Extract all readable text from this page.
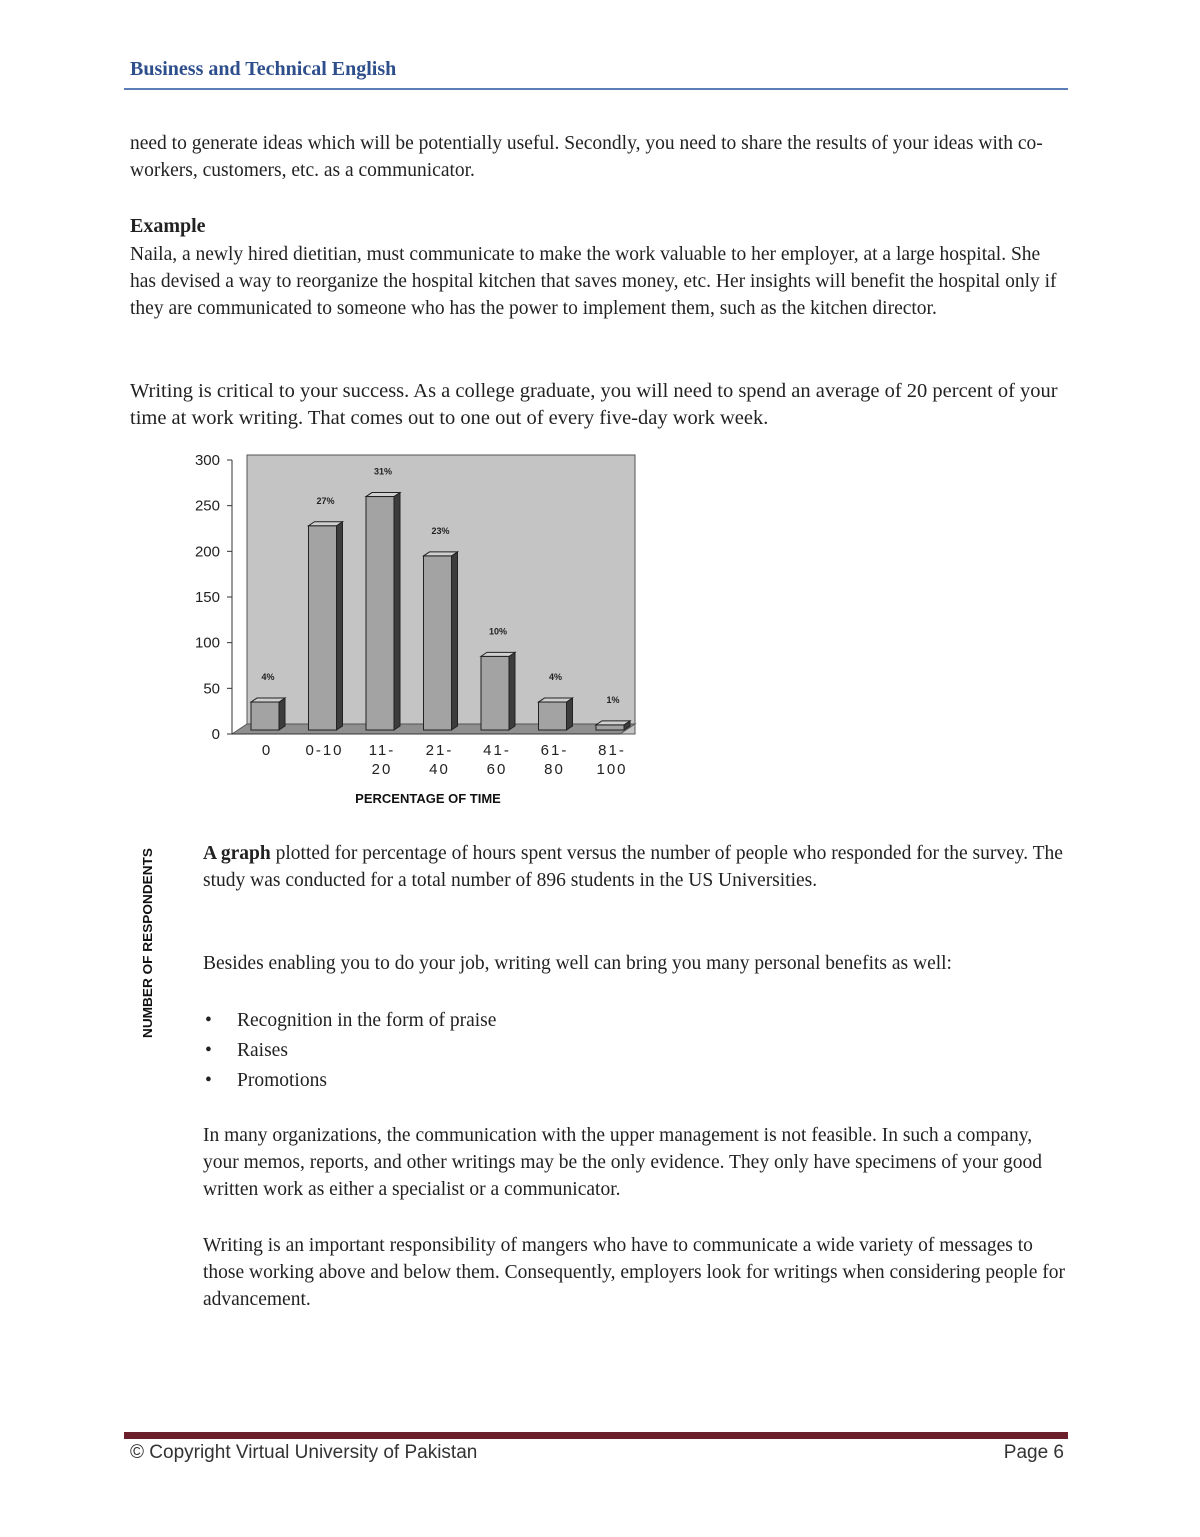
Business and Technical English

need to generate ideas which will be potentially useful. Secondly, you need to share the results of your ideas with co-workers, customers, etc. as a communicator.

Example

Naila, a newly hired dietitian, must communicate to make the work valuable to her employer, at a large hospital. She has devised a way to reorganize the hospital kitchen that saves money, etc. Her insights will benefit the hospital only if they are communicated to someone who has the power to implement them, such as the kitchen director.

Writing is critical to your success. As a college graduate, you will need to spend an average of 20 percent of your time at work writing. That comes out to one out of every five-day work week.

0
50
100
150
200
250
300
4%
27%
31%
23%
10%
4%
1%
0 0-10 11-
20
21-
40
41-
60
61-
80
81-
100
NUMBER OF RESPONDENTS
PERCENTAGE OF TIME

A graph plotted for percentage of hours spent versus the number of people who responded for the survey. The study was conducted for a total number of 896 students in the US Universities.

Besides enabling you to do your job, writing well can bring you many personal benefits as well:

• Recognition in the form of praise
• Raises
• Promotions

In many organizations, the communication with the upper management is not feasible. In such a company, your memos, reports, and other writings may be the only evidence. They only have specimens of your good written work as either a specialist or a communicator.

Writing is an important responsibility of mangers who have to communicate a wide variety of messages to those working above and below them. Consequently, employers look for writings when considering people for advancement.

© Copyright Virtual University of Pakistan	Page 6
